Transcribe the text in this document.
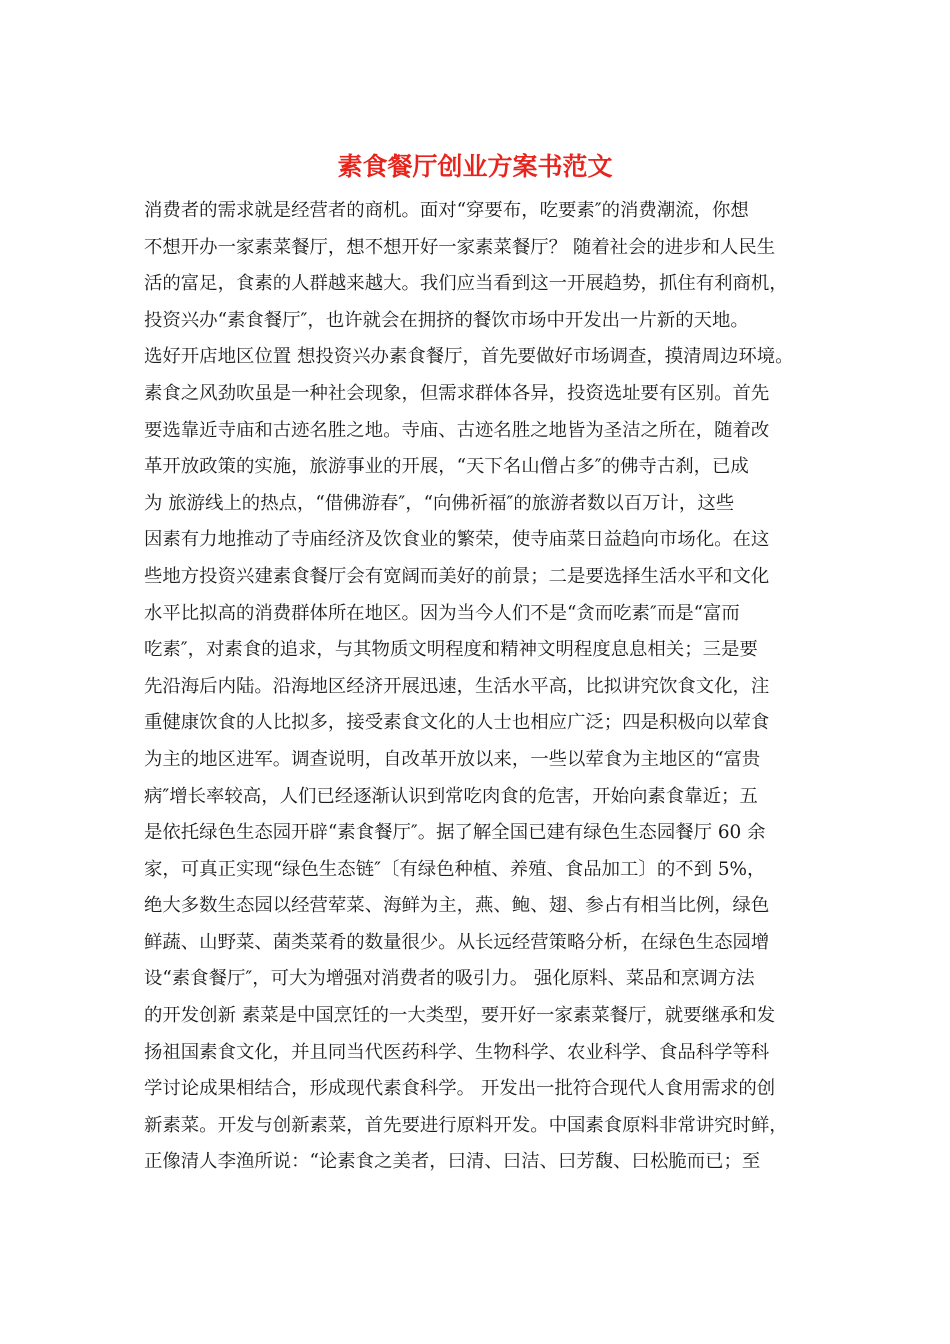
素食餐厅创业方案书范文
消费者的需求就是经营者的商机。面对“穿要布，吃要素″的消费潮流，你想
不想开办一家素菜餐厅，想不想开好一家素菜餐厅？ 随着社会的进步和人民生
活的富足，食素的人群越来越大。我们应当看到这一开展趋势，抓住有利商机，
投资兴办“素食餐厅″，也许就会在拥挤的餐饮市场中开发出一片新的天地。
选好开店地区位置 想投资兴办素食餐厅，首先要做好市场调查，摸清周边环境。
素食之风劲吹虽是一种社会现象，但需求群体各异，投资选址要有区别。首先
要选靠近寺庙和古迹名胜之地。寺庙、古迹名胜之地皆为圣洁之所在，随着改
革开放政策的实施，旅游事业的开展，“天下名山僧占多″的佛寺古刹，已成
为 旅游线上的热点，“借佛游春″，“向佛祈福″的旅游者数以百万计，这些
因素有力地推动了寺庙经济及饮食业的繁荣，使寺庙菜日益趋向市场化。在这
些地方投资兴建素食餐厅会有宽阔而美好的前景；二是要选择生活水平和文化
水平比拟高的消费群体所在地区。因为当今人们不是“贪而吃素″而是“富而
吃素″，对素食的追求，与其物质文明程度和精神文明程度息息相关；三是要
先沿海后内陆。沿海地区经济开展迅速，生活水平高，比拟讲究饮食文化，注
重健康饮食的人比拟多，接受素食文化的人士也相应广泛；四是积极向以荤食
为主的地区进军。调查说明，自改革开放以来，一些以荤食为主地区的“富贵
病″增长率较高，人们已经逐渐认识到常吃肉食的危害，开始向素食靠近；五
是依托绿色生态园开辟“素食餐厅″。据了解全国已建有绿色生态园餐厅 60 余
家，可真正实现“绿色生态链″〔有绿色种植、养殖、食品加工〕的不到 5%，
绝大多数生态园以经营荤菜、海鲜为主，燕、鲍、翅、参占有相当比例，绿色
鲜蔬、山野菜、菌类菜肴的数量很少。从长远经营策略分析，在绿色生态园增
设“素食餐厅″，可大为增强对消费者的吸引力。 强化原料、菜品和烹调方法
的开发创新 素菜是中国烹饪的一大类型，要开好一家素菜餐厅，就要继承和发
扬祖国素食文化，并且同当代医药科学、生物科学、农业科学、食品科学等科
学讨论成果相结合，形成现代素食科学。 开发出一批符合现代人食用需求的创
新素菜。开发与创新素菜，首先要进行原料开发。中国素食原料非常讲究时鲜，
正像清人李渔所说：“论素食之美者，曰清、曰洁、曰芳馥、曰松脆而已；至
